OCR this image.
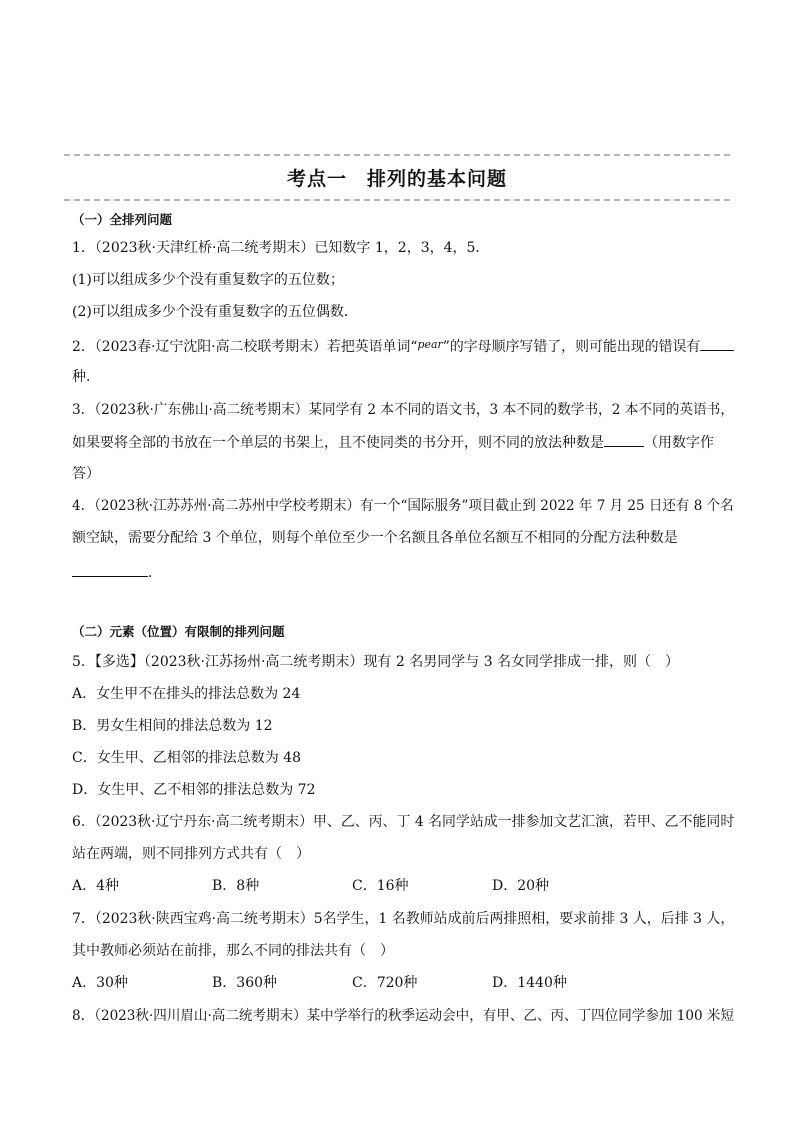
考点一 排列的基本问题
（一）全排列问题
1．（2023秋·天津红桥·高二统考期末）已知数字 1，2，3，4，5．
(1)可以组成多少个没有重复数字的五位数；
(2)可以组成多少个没有重复数字的五位偶数．
2．（2023春·辽宁沈阳·高二校联考期末）若把英语单词“$^{pear}$”的字母顺序写错了，则可能出现的错误有
种．
3．（2023秋·广东佛山·高二统考期末）某同学有 2 本不同的语文书，3 本不同的数学书，2 本不同的英语书，
如果要将全部的书放在一个单层的书架上，且不使同类的书分开，则不同的放法种数是	（用数字作
答）
4．（2023秋·江苏苏州·高二苏州中学校考期末）有一个“国际服务”项目截止到 2022 年 7 月 25 日还有 8 个名
额空缺，需要分配给 3 个单位，则每个单位至少一个名额且各单位名额互不相同的分配方法种数是
.
（二）元素（位置）有限制的排列问题
5．【多选】（2023秋·江苏扬州·高二统考期末）现有 2 名男同学与 3 名女同学排成一排，则（　）
A．女生甲不在排头的排法总数为 24
B．男女生相间的排法总数为 12
C．女生甲、乙相邻的排法总数为 48
D．女生甲、乙不相邻的排法总数为 72
6．（2023秋·辽宁丹东·高二统考期末）甲、乙、丙、丁 4 名同学站成一排参加文艺汇演，若甲、乙不能同时
站在两端，则不同排列方式共有（　）
A．4种	B．8种	C．16种	D．20种
7．（2023秋·陕西宝鸡·高二统考期末）5名学生，1 名教师站成前后两排照相，要求前排 3 人，后排 3 人，
其中教师必须站在前排，那么不同的排法共有（　）
A．30种	B．360种	C．720种	D．1440种
8．（2023秋·四川眉山·高二统考期末）某中学举行的秋季运动会中，有甲、乙、丙、丁四位同学参加 100 米短
